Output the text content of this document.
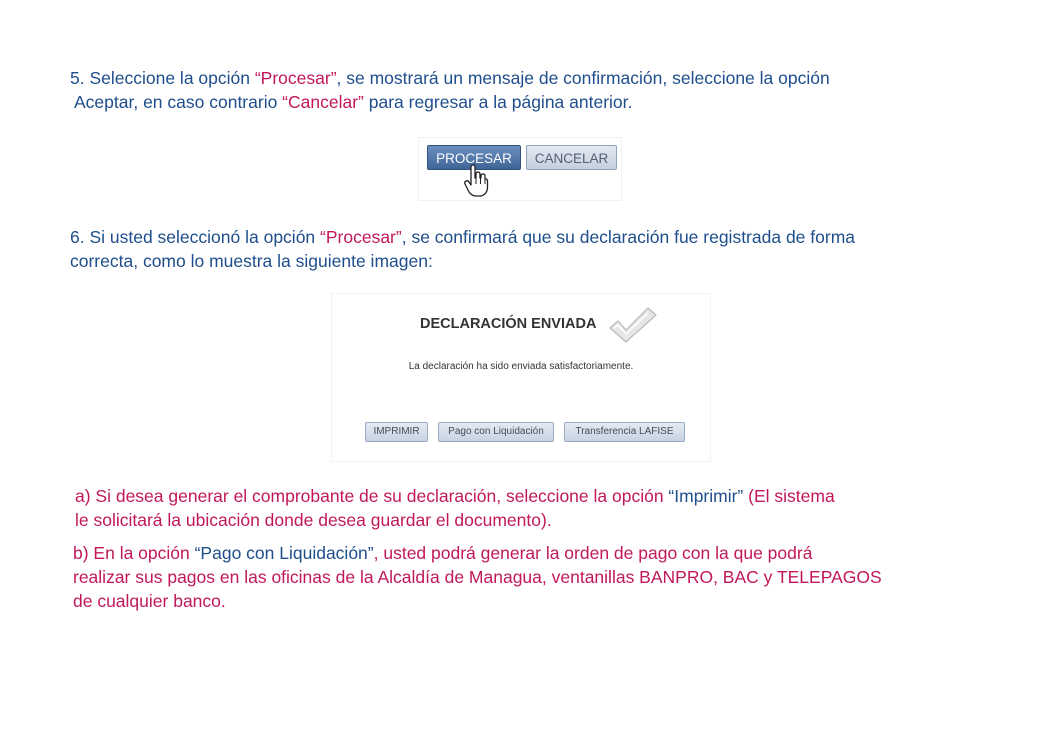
5. Seleccione la opción “Procesar”, se mostrará un mensaje de confirmación, seleccione la opción
Aceptar, en caso contrario “Cancelar” para regresar a la página anterior.
PROCESAR	CANCELAR
6. Si usted seleccionó la opción “Procesar”, se confirmará que su declaración fue registrada de forma
correcta, como lo muestra la siguiente imagen:
DECLARACIÓN ENVIADA
La declaración ha sido enviada satisfactoriamente.
IMPRIMIR	Pago con Liquidación	Transferencia LAFISE
a) Si desea generar el comprobante de su declaración, seleccione la opción “Imprimir” (El sistema
le solicitará la ubicación donde desea guardar el documento).
b) En la opción “Pago con Liquidación”, usted podrá generar la orden de pago con la que podrá
realizar sus pagos en las oficinas de la Alcaldía de Managua, ventanillas BANPRO, BAC y TELEPAGOS
de cualquier banco.
